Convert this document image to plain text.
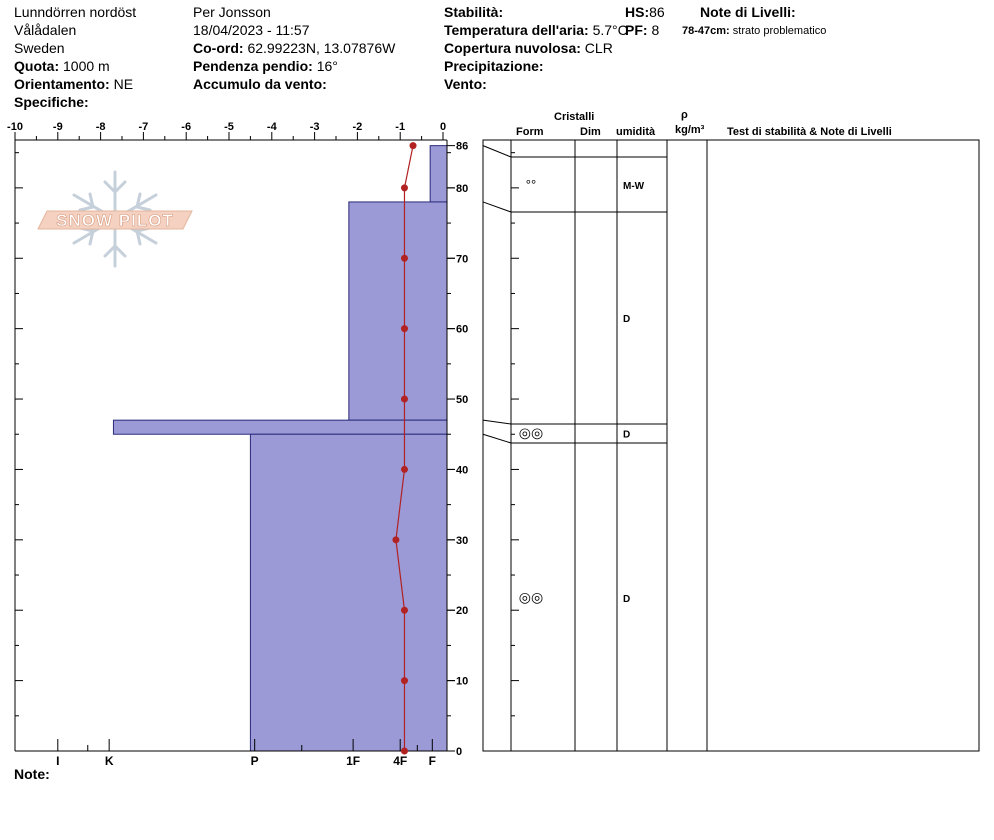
Lunndörren nordöst
Vålådalen
Sweden
Quota: 1000 m
Orientamento: NE
Specifiche:
Per Jonsson
18/04/2023 - 11:57
Co-ord: 62.99223N, 13.07876W
Pendenza pendio: 16°
Accumulo da vento:
Stabilità:
Temperatura dell'aria: 5.7°C
Copertura nuvolosa: CLR
Precipitazione:
Vento:
HS:86
PF: 8
Note di Livelli:
78-47cm: strato problematico
Cristalli
Form	Dim umidità
ρ
kg/m³ Test di stabilità & Note di Livelli
Note:
SNOW PILOT
-10	-9	-8	-7	-6	-5	-4	-3	-2	-1	0
0
10
20
30
40
50
60
70
80
86
I	K	P	1F	4F F
°°	M-W
D
◎◎	D
◎◎	D
